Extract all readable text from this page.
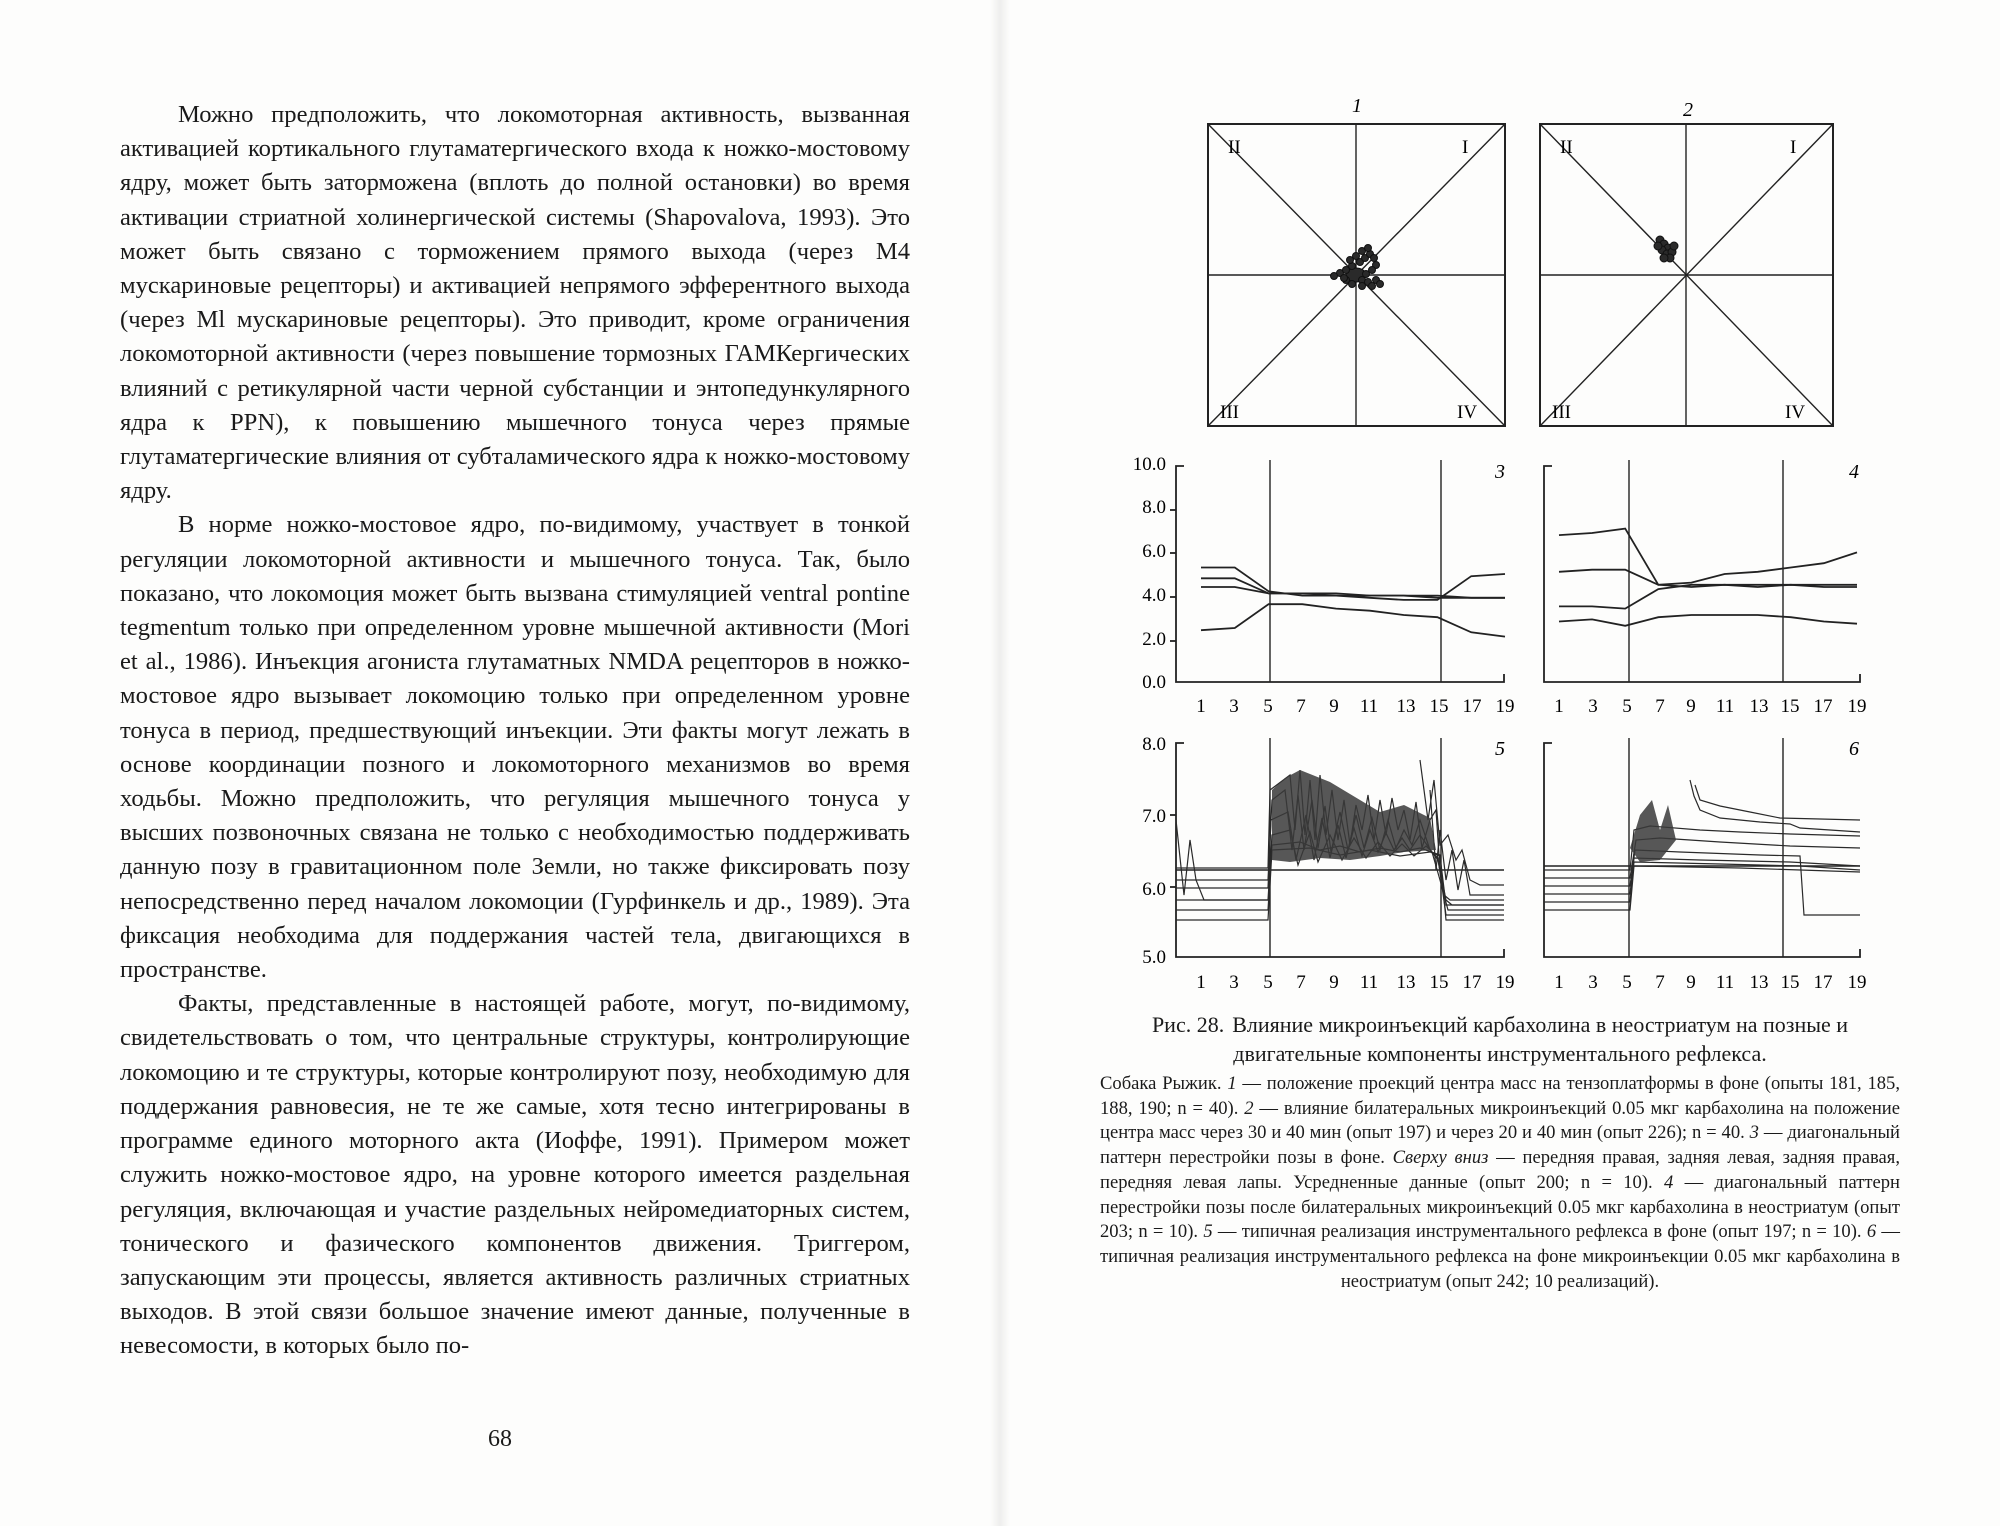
Можно предположить, что локомоторная активность, вызванная активацией кортикального глутаматергического входа к ножко-мостовому ядру, может быть заторможена (вплоть до полной остановки) во время активации стриатной холинергической системы (Shapovalova, 1993). Это может быть связано с торможением прямого выхода (через М4 мускариновые рецепторы) и активацией непрямого эфферентного выхода (через Ml мускариновые рецепторы). Это приводит, кроме ограничения локомоторной активности (через повышение тормозных ГАМКергических влияний с ретикулярной части черной субстанции и энтопедункулярного ядра к PPN), к повышению мышечного тонуса через прямые глутаматергические влияния от субталамического ядра к ножко-мостовому ядру.

В норме ножко-мостовое ядро, по-видимому, участвует в тонкой регуляции локомоторной активности и мышечного тонуса. Так, было показано, что локомоция может быть вызвана стимуляцией ventral pontine tegmentum только при определенном уровне мышечной активности (Mori et al., 1986). Инъекция агониста глутаматных NMDA рецепторов в ножко-мостовое ядро вызывает локомоцию только при определенном уровне тонуса в период, предшествующий инъекции. Эти факты могут лежать в основе координации позного и локомоторного механизмов во время ходьбы. Можно предположить, что регуляция мышечного тонуса у высших позвоночных связана не только с необходимостью поддерживать данную позу в гравитационном поле Земли, но также фиксировать позу непосредственно перед началом локомоции (Гурфинкель и др., 1989). Эта фиксация необходима для поддержания частей тела, двигающихся в пространстве.

Факты, представленные в настоящей работе, могут, по-видимому, свидетельствовать о том, что центральные структуры, контролирующие локомоцию и те структуры, которые контролируют позу, необходимую для поддержания равновесия, не те же самые, хотя тесно интегрированы в программе единого моторного акта (Иоффе, 1991). Примером может служить ножко-мостовое ядро, на уровне которого имеется раздельная регуляция, включающая и участие раздельных нейромедиаторных систем, тонического и фазического компонентов движения. Триггером, запускающим эти процессы, является активность различных стриатных выходов. В этой связи большое значение имеют данные, полученные в невесомости, в которых было по-

68
1
II	I
III	IV
2
II	I
III	IV
10.0
8.0
6.0
4.0
2.0
0.0
3	4
1 3 5 7 9 11 13 15 17 19 1 3 5 7 9 11 13 15 17 19
8.0
7.0
6.0
5.0
5	6
1 3 5 7 9 11 13 15 17 19 1 3 5 7 9 11 13 15 17 19
Рис. 28. Влияние микроинъекций карбахолина в неостриатум на позные и двигательные компоненты инструментального рефлекса.
Собака Рыжик. 1 — положение проекций центра масс на тензоплатформы в фоне (опыты 181, 185, 188, 190; n = 40). 2 — влияние билатеральных микроинъекций 0.05 мкг карбахолина на положение центра масс через 30 и 40 мин (опыт 197) и через 20 и 40 мин (опыт 226); n = 40. 3 — диагональный паттерн перестройки позы в фоне. Сверху вниз — передняя правая, задняя левая, задняя правая, передняя левая лапы. Усредненные данные (опыт 200; n = 10). 4 — диагональный паттерн перестройки позы после билатеральных микроинъекций 0.05 мкг карбахолина в неостриатум (опыт 203; n = 10). 5 — типичная реализация инструментального рефлекса в фоне (опыт 197; n = 10). 6 — типичная реализация инструментального рефлекса на фоне микроинъекции 0.05 мкг карбахолина в неостриатум (опыт 242; 10 реализаций).
